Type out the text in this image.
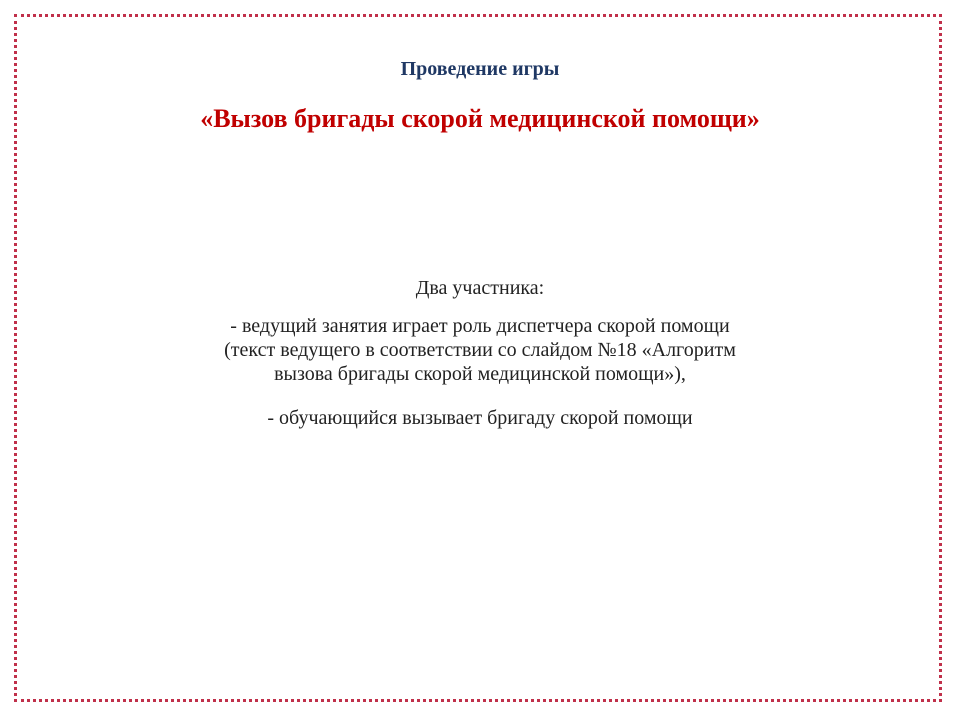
Проведение игры
«Вызов бригады скорой медицинской помощи»
Два участника:
- ведущий занятия играет роль диспетчера скорой помощи
(текст ведущего в соответствии со слайдом №18 «Алгоритм
вызова бригады скорой медицинской помощи»),
- обучающийся вызывает бригаду скорой помощи
